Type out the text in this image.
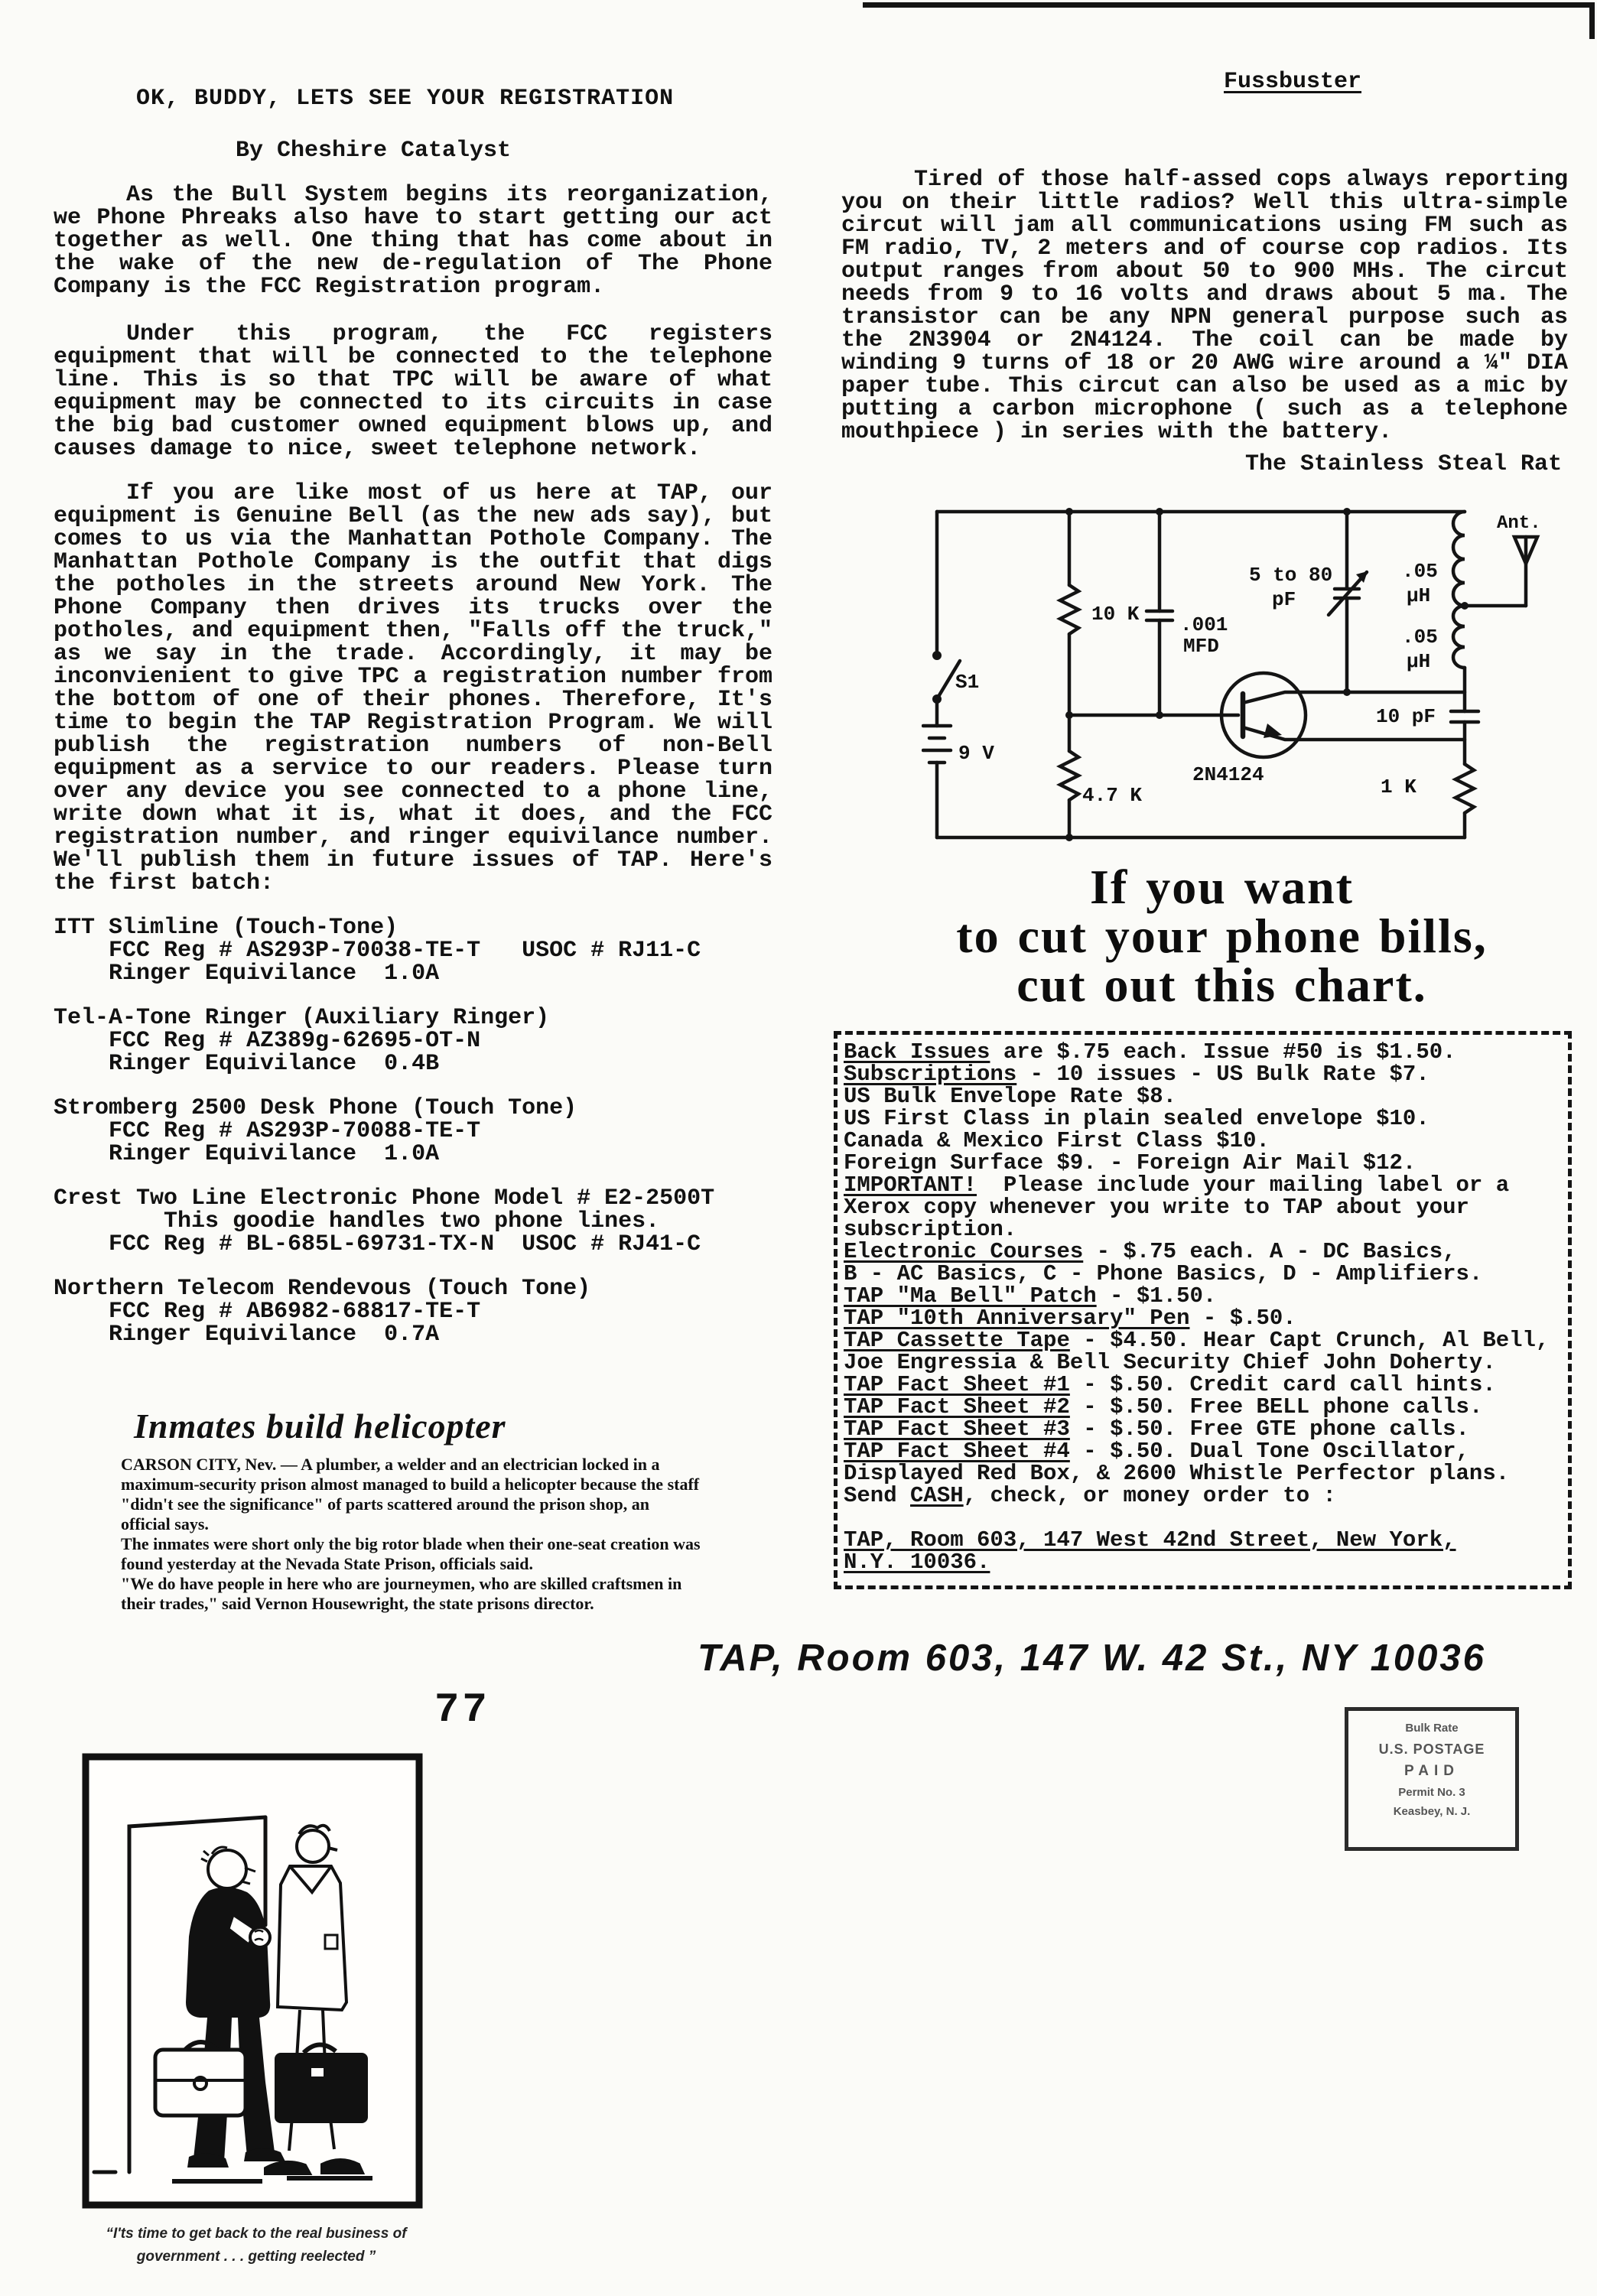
OK, BUDDY, LETS SEE YOUR REGISTRATION
By Cheshire Catalyst
As the Bull System begins its reorganization, we Phone Phreaks also have to start getting our act together as well. One thing that has come about in the wake of the new de-regulation of The Phone Company is the FCC Registration program.
Under this program, the FCC registers equipment that will be connected to the telephone line. This is so that TPC will be aware of what equipment may be connected to its circuits in case the big bad customer owned equipment blows up, and causes damage to nice, sweet telephone network.
If you are like most of us here at TAP, our equipment is Genuine Bell (as the new ads say), but comes to us via the Manhattan Pothole Company. The Manhattan Pothole Company is the outfit that digs the potholes in the streets around New York. The Phone Company then drives its trucks over the potholes, and equipment then, "Falls off the truck," as we say in the trade. Accordingly, it may be inconvienient to give TPC a registration number from the bottom of one of their phones. Therefore, It's time to begin the TAP Registration Program. We will publish the registration numbers of non-Bell equipment as a service to our readers. Please turn over any device you see connected to a phone line, write down what it is, what it does, and the FCC registration number, and ringer equivilance number. We'll publish them in future issues of TAP. Here's the first batch:
ITT Slimline (Touch-Tone)
FCC Reg # AS293P-70038-TE-T   USOC # RJ11-C
Ringer Equivilance  1.0A
Tel-A-Tone Ringer (Auxiliary Ringer)
FCC Reg # AZ389g-62695-OT-N
Ringer Equivilance  0.4B
Stromberg 2500 Desk Phone (Touch Tone)
FCC Reg # AS293P-70088-TE-T
Ringer Equivilance  1.0A
Crest Two Line Electronic Phone Model # E2-2500T
This goodie handles two phone lines.
FCC Reg # BL-685L-69731-TX-N  USOC # RJ41-C
Northern Telecom Rendevous (Touch Tone)
FCC Reg # AB6982-68817-TE-T
Ringer Equivilance  0.7A
Inmates build helicopter

CARSON CITY, Nev. — A plumber, a welder and an electrician locked in a maximum-security prison almost managed to build a helicopter because the staff "didn't see the significance" of parts scattered around the prison shop, an official says.

The inmates were short only the big rotor blade when their one-seat creation was found yesterday at the Nevada State Prison, officials said.

"We do have people in here who are journeymen, who are skilled craftsmen in their trades," said Vernon Housewright, the state prisons director.

77
“I'ts time to get back to the real business of
government . . . getting reelected ”
Fussbuster
Tired of those half-assed cops always reporting you on their little radios? Well this ultra-simple circut will jam all communications using FM such as FM radio, TV, 2 meters and of course cop radios. Its output ranges from about 50 to 900 MHs. The circut needs from 9 to 16 volts and draws about 5 ma. The transistor can be any NPN general purpose such as the 2N3904 or 2N4124. The coil can be made by winding 9 turns of 18 or 20 AWG wire around a ¼" DIA paper tube. This circut can also be used as a mic by putting a carbon microphone ( such as a telephone mouthpiece ) in series with the battery.
The Stainless Steal Rat
S1
9 V
10 K .001
MFD
5 to 80
pF
.05
μH
.05
μH
10 pF
1 K
4.7 K
2N4124
Ant.
If you want
to cut your phone bills,
cut out this chart.
Back Issues are $.75 each. Issue #50 is $1.50.
Subscriptions - 10 issues - US Bulk Rate $7.
US Bulk Envelope Rate $8.
US First Class in plain sealed envelope $10.
Canada & Mexico First Class $10.
Foreign Surface $9. - Foreign Air Mail $12.
IMPORTANT!  Please include your mailing label or a
Xerox copy whenever you write to TAP about your
subscription.
Electronic Courses - $.75 each. A - DC Basics,
B - AC Basics, C - Phone Basics, D - Amplifiers.
TAP "Ma Bell" Patch - $1.50.
TAP "10th Anniversary" Pen - $.50.
TAP Cassette Tape - $4.50. Hear Capt Crunch, Al Bell,
Joe Engressia & Bell Security Chief John Doherty.
TAP Fact Sheet #1 - $.50. Credit card call hints.
TAP Fact Sheet #2 - $.50. Free BELL phone calls.
TAP Fact Sheet #3 - $.50. Free GTE phone calls.
TAP Fact Sheet #4 - $.50. Dual Tone Oscillator,
Displayed Red Box, & 2600 Whistle Perfector plans.
Send CASH, check, or money order to :
TAP, Room 603, 147 West 42nd Street, New York,
N.Y. 10036.
TAP, Room 603, 147 W. 42 St., NY 10036
Bulk Rate
U.S. POSTAGE
PAID
Permit No. 3
Keasbey, N. J.
